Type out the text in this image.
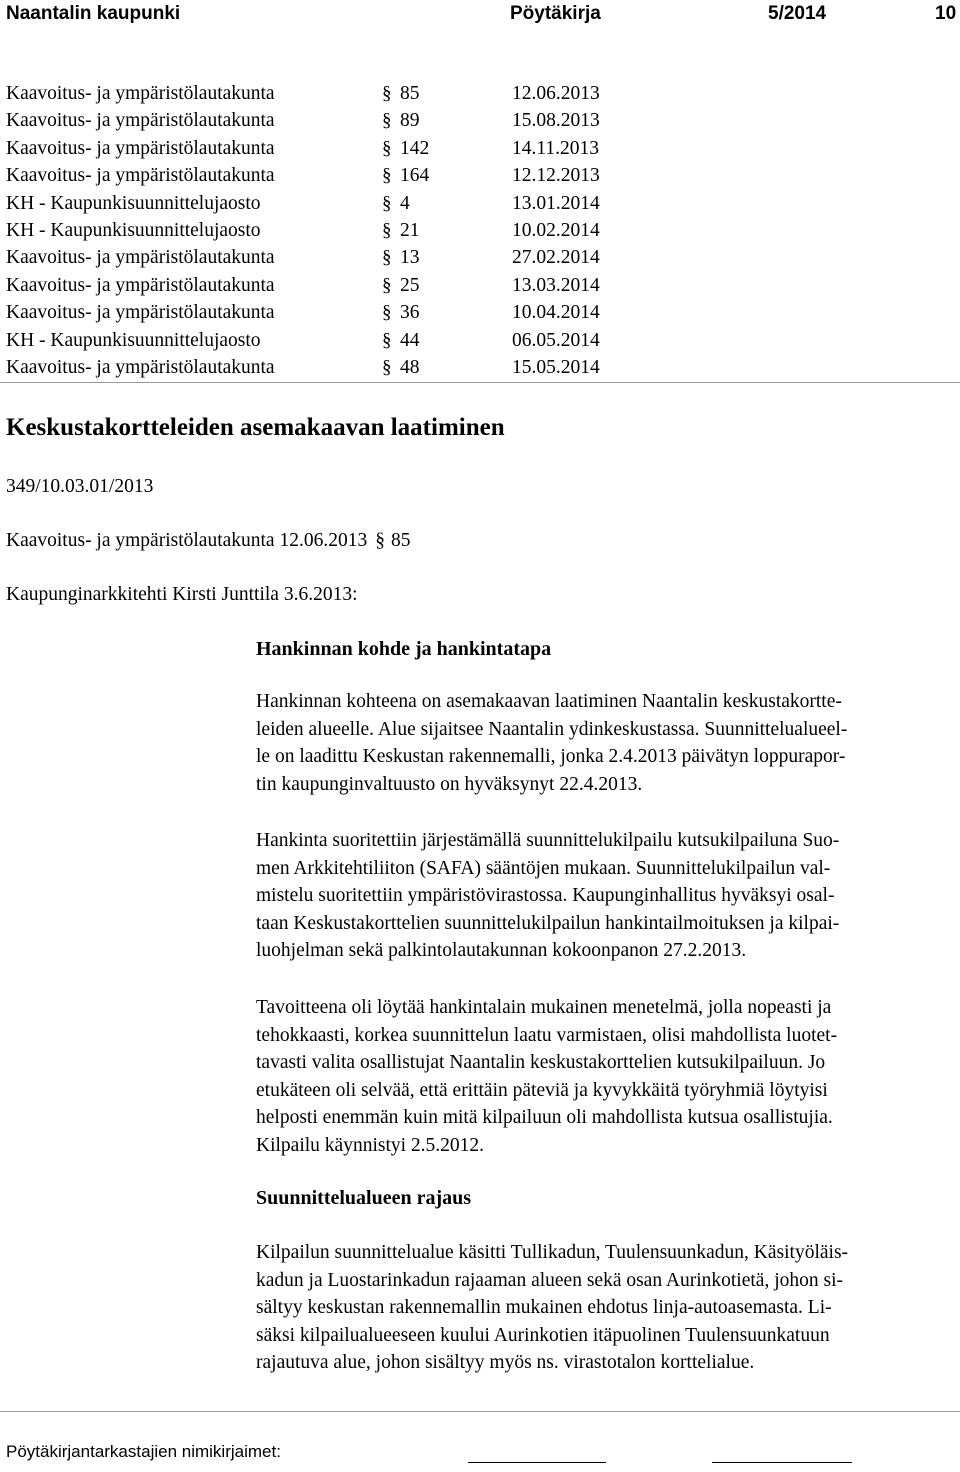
Naantalin kaupunki	Pöytäkirja	5/2014	10
Kaavoitus- ja ympäristölautakunta	§ 85	12.06.2013
Kaavoitus- ja ympäristölautakunta	§ 89	15.08.2013
Kaavoitus- ja ympäristölautakunta	§ 142	14.11.2013
Kaavoitus- ja ympäristölautakunta	§ 164	12.12.2013
KH - Kaupunkisuunnittelujaosto	§ 4	13.01.2014
KH - Kaupunkisuunnittelujaosto	§ 21	10.02.2014
Kaavoitus- ja ympäristölautakunta	§ 13	27.02.2014
Kaavoitus- ja ympäristölautakunta	§ 25	13.03.2014
Kaavoitus- ja ympäristölautakunta	§ 36	10.04.2014
KH - Kaupunkisuunnittelujaosto	§ 44	06.05.2014
Kaavoitus- ja ympäristölautakunta	§ 48	15.05.2014
Keskustakortteleiden asemakaavan laatiminen
349/10.03.01/2013
Kaavoitus- ja ympäristölautakunta 12.06.2013 § 85
Kaupunginarkkitehti Kirsti Junttila 3.6.2013:
Hankinnan kohde ja hankintatapa
Hankinnan kohteena on asemakaavan laatiminen Naantalin keskustakortte-
leiden alueelle. Alue sijaitsee Naantalin ydinkeskustassa. Suunnittelualueel-
le on laadittu Keskustan rakennemalli, jonka 2.4.2013 päivätyn loppurapor-
tin kaupunginvaltuusto on hyväksynyt 22.4.2013.
Hankinta suoritettiin järjestämällä suunnittelukilpailu kutsukilpailuna Suo-
men Arkkitehtiliiton (SAFA) sääntöjen mukaan. Suunnittelukilpailun val-
mistelu suoritettiin ympäristövirastossa. Kaupunginhallitus hyväksyi osal-
taan Keskustakorttelien suunnittelukilpailun hankintailmoituksen ja kilpai-
luohjelman sekä palkintolautakunnan kokoonpanon 27.2.2013.
Tavoitteena oli löytää hankintalain mukainen menetelmä, jolla nopeasti ja
tehokkaasti, korkea suunnittelun laatu varmistaen, olisi mahdollista luotet-
tavasti valita osallistujat Naantalin keskustakorttelien kutsukilpailuun. Jo
etukäteen oli selvää, että erittäin päteviä ja kyvykkäitä työryhmiä löytyisi
helposti enemmän kuin mitä kilpailuun oli mahdollista kutsua osallistujia.
Kilpailu käynnistyi 2.5.2012.
Suunnittelualueen rajaus
Kilpailun suunnittelualue käsitti Tullikadun, Tuulensuunkadun, Käsityöläis-
kadun ja Luostarinkadun rajaaman alueen sekä osan Aurinkotietä, johon si-
sältyy keskustan rakennemallin mukainen ehdotus linja-autoasemasta. Li-
säksi kilpailualueeseen kuului Aurinkotien itäpuolinen Tuulensuunkatuun
rajautuva alue, johon sisältyy myös ns. virastotalon korttelialue.
Pöytäkirjantarkastajien nimikirjaimet:
